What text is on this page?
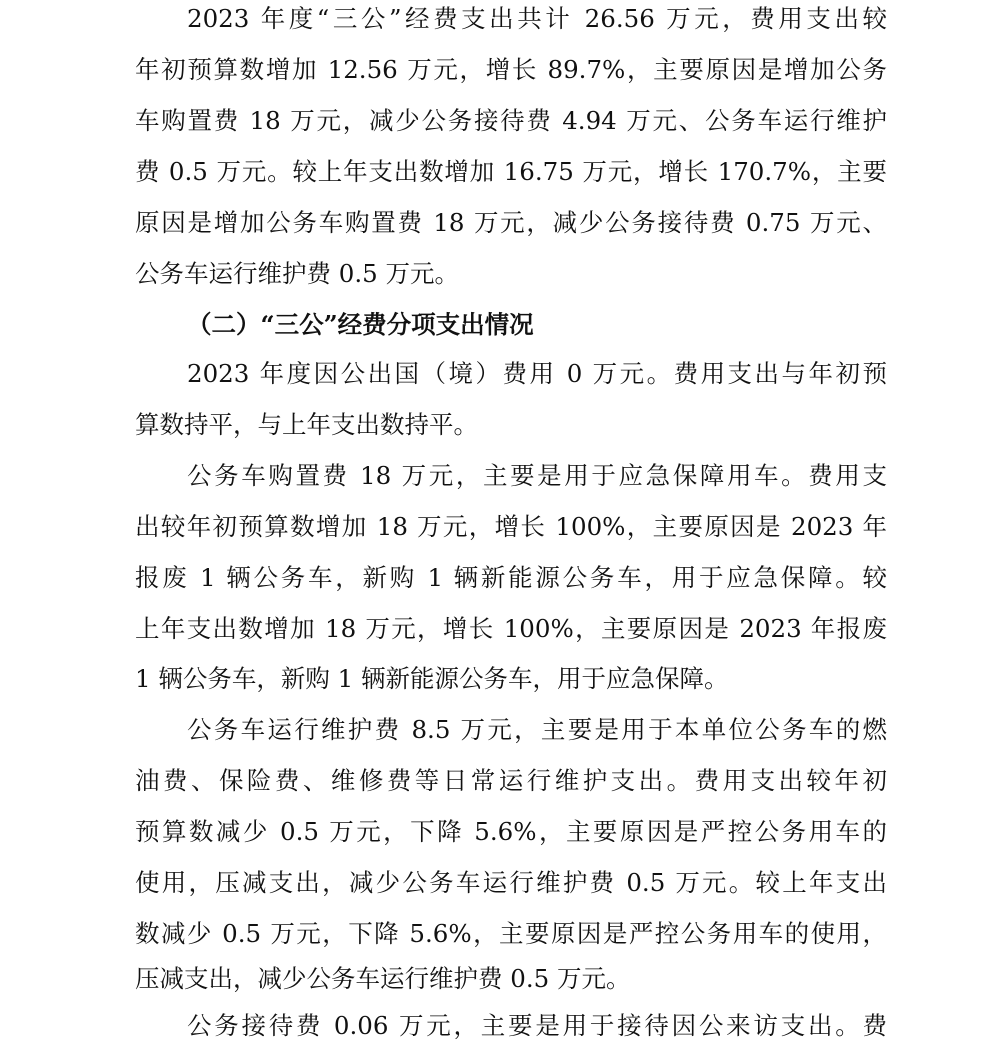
2023 年度“三公”经费支出共计 26.56 万元，费用支出较
年初预算数增加 12.56 万元，增长 89.7%，主要原因是增加公务
车购置费 18 万元，减少公务接待费 4.94 万元、公务车运行维护
费 0.5 万元。较上年支出数增加 16.75 万元，增长 170.7%，主要
原因是增加公务车购置费 18 万元，减少公务接待费 0.75 万元、
公务车运行维护费 0.5 万元。
（二）“三公”经费分项支出情况
2023 年度因公出国（境）费用 0 万元。费用支出与年初预
算数持平，与上年支出数持平。
公务车购置费 18 万元，主要是用于应急保障用车。费用支
出较年初预算数增加 18 万元，增长 100%，主要原因是 2023 年
报废 1 辆公务车，新购 1 辆新能源公务车，用于应急保障。较
上年支出数增加 18 万元，增长 100%，主要原因是 2023 年报废
1 辆公务车，新购 1 辆新能源公务车，用于应急保障。
公务车运行维护费 8.5 万元，主要是用于本单位公务车的燃
油费、保险费、维修费等日常运行维护支出。费用支出较年初
预算数减少 0.5 万元，下降 5.6%，主要原因是严控公务用车的
使用，压减支出，减少公务车运行维护费 0.5 万元。较上年支出
数减少 0.5 万元，下降 5.6%，主要原因是严控公务用车的使用，
压减支出，减少公务车运行维护费 0.5 万元。
公务接待费 0.06 万元，主要是用于接待因公来访支出。费
